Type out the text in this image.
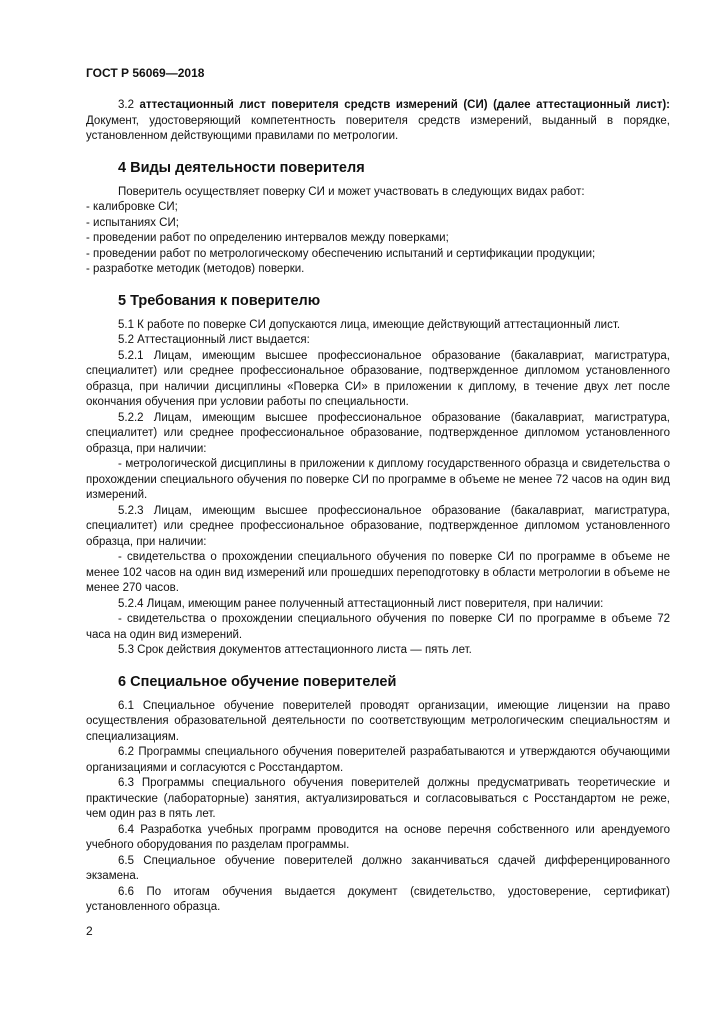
ГОСТ Р 56069—2018

3.2 аттестационный лист поверителя средств измерений (СИ) (далее аттестационный лист): Документ, удостоверяющий компетентность поверителя средств измерений, выданный в порядке, установленном действующими правилами по метрологии.

4 Виды деятельности поверителя

Поверитель осуществляет поверку СИ и может участвовать в следующих видах работ:

- калибровке СИ;

- испытаниях СИ;

- проведении работ по определению интервалов между поверками;

- проведении работ по метрологическому обеспечению испытаний и сертификации продукции;

- разработке методик (методов) поверки.

5 Требования к поверителю

5.1 К работе по поверке СИ допускаются лица, имеющие действующий аттестационный лист.

5.2 Аттестационный лист выдается:

5.2.1 Лицам, имеющим высшее профессиональное образование (бакалавриат, магистратура, специалитет) или среднее профессиональное образование, подтвержденное дипломом установленного образца, при наличии дисциплины «Поверка СИ» в приложении к диплому, в течение двух лет после окончания обучения при условии работы по специальности.

5.2.2 Лицам, имеющим высшее профессиональное образование (бакалавриат, магистратура, специалитет) или среднее профессиональное образование, подтвержденное дипломом установленного образца, при наличии:

- метрологической дисциплины в приложении к диплому государственного образца и свидетельства о прохождении специального обучения по поверке СИ по программе в объеме не менее 72 часов на один вид измерений.

5.2.3 Лицам, имеющим высшее профессиональное образование (бакалавриат, магистратура, специалитет) или среднее профессиональное образование, подтвержденное дипломом установленного образца, при наличии:

- свидетельства о прохождении специального обучения по поверке СИ по программе в объеме не менее 102 часов на один вид измерений или прошедших переподготовку в области метрологии в объеме не менее 270 часов.

5.2.4 Лицам, имеющим ранее полученный аттестационный лист поверителя, при наличии:

- свидетельства о прохождении специального обучения по поверке СИ по программе в объеме 72 часа на один вид измерений.

5.3 Срок действия документов аттестационного листа — пять лет.

6 Специальное обучение поверителей

6.1 Специальное обучение поверителей проводят организации, имеющие лицензии на право осуществления образовательной деятельности по соответствующим метрологическим специальностям и специализациям.

6.2 Программы специального обучения поверителей разрабатываются и утверждаются обучающими организациями и согласуются с Росстандартом.

6.3 Программы специального обучения поверителей должны предусматривать теоретические и практические (лабораторные) занятия, актуализироваться и согласовываться с Росстандартом не реже, чем один раз в пять лет.

6.4 Разработка учебных программ проводится на основе перечня собственного или арендуемого учебного оборудования по разделам программы.

6.5 Специальное обучение поверителей должно заканчиваться сдачей дифференцированного экзамена.

6.6 По итогам обучения выдается документ (свидетельство, удостоверение, сертификат) установленного образца.

2
